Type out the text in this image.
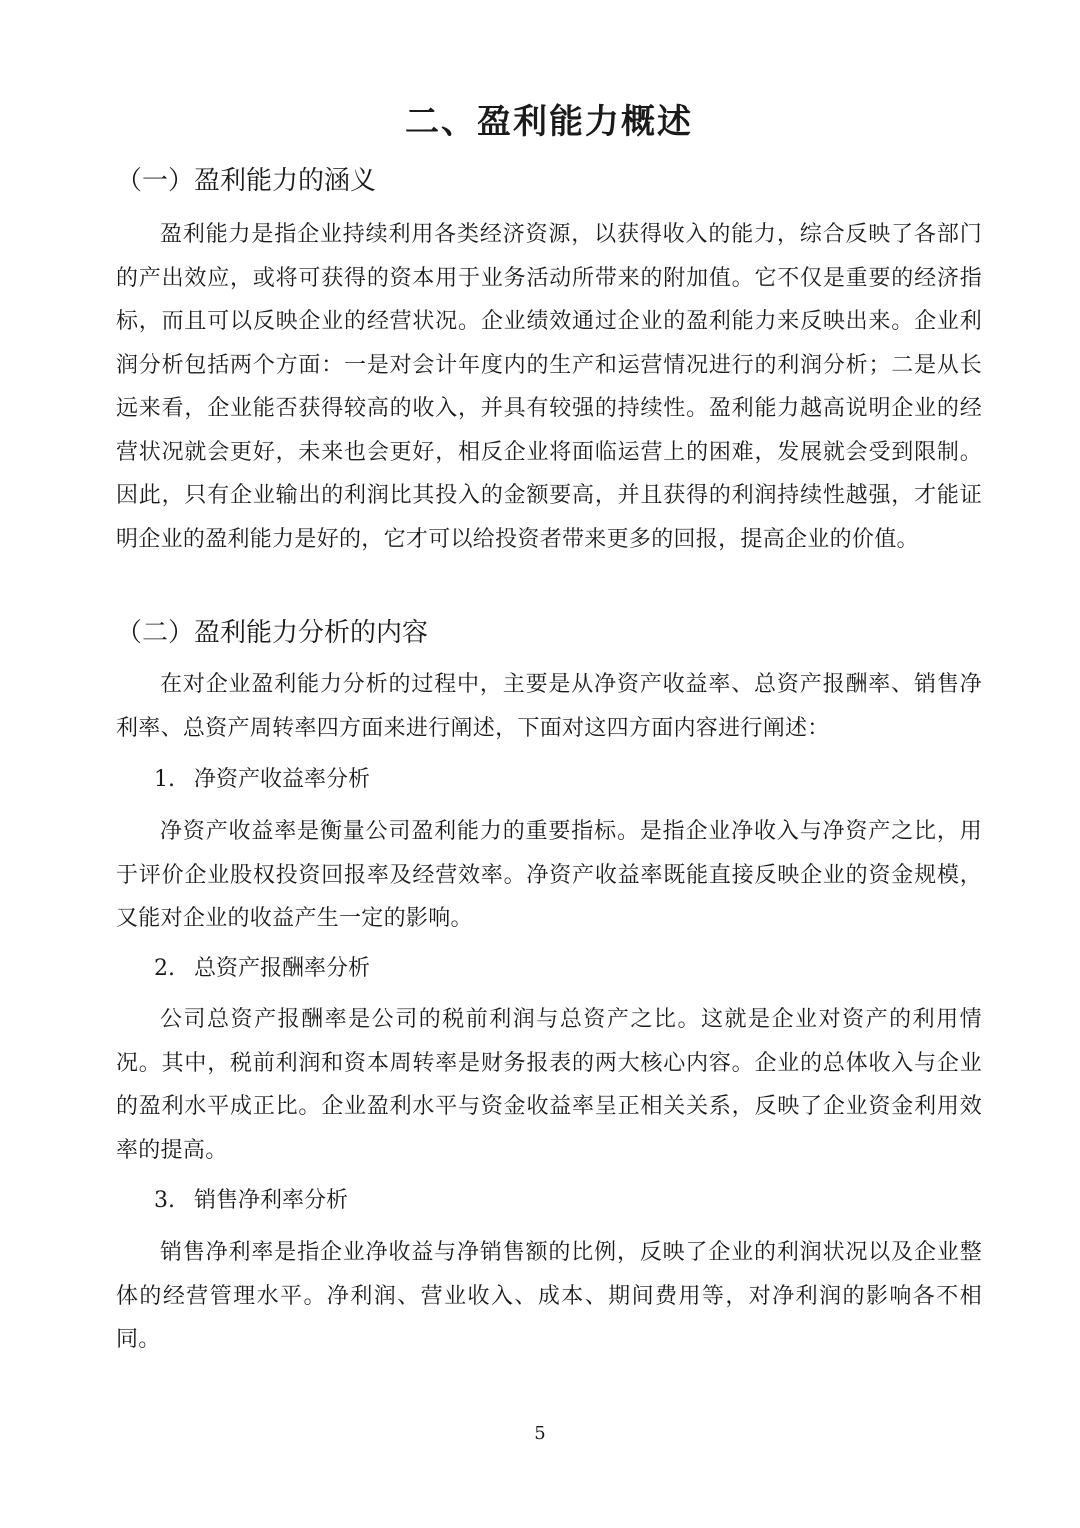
二、盈利能力概述
（一）盈利能力的涵义

盈利能力是指企业持续利用各类经济资源，以获得收入的能力，综合反映了各部门的产出效应，或将可获得的资本用于业务活动所带来的附加值。它不仅是重要的经济指标，而且可以反映企业的经营状况。企业绩效通过企业的盈利能力来反映出来。企业利润分析包括两个方面：一是对会计年度内的生产和运营情况进行的利润分析；二是从长远来看，企业能否获得较高的收入，并具有较强的持续性。盈利能力越高说明企业的经营状况就会更好，未来也会更好，相反企业将面临运营上的困难，发展就会受到限制。因此，只有企业输出的利润比其投入的金额要高，并且获得的利润持续性越强，才能证明企业的盈利能力是好的，它才可以给投资者带来更多的回报，提高企业的价值。

（二）盈利能力分析的内容

在对企业盈利能力分析的过程中，主要是从净资产收益率、总资产报酬率、销售净利率、总资产周转率四方面来进行阐述，下面对这四方面内容进行阐述：

1. 净资产收益率分析

净资产收益率是衡量公司盈利能力的重要指标。是指企业净收入与净资产之比，用于评价企业股权投资回报率及经营效率。净资产收益率既能直接反映企业的资金规模，又能对企业的收益产生一定的影响。

2. 总资产报酬率分析

公司总资产报酬率是公司的税前利润与总资产之比。这就是企业对资产的利用情况。其中，税前利润和资本周转率是财务报表的两大核心内容。企业的总体收入与企业的盈利水平成正比。企业盈利水平与资金收益率呈正相关关系，反映了企业资金利用效率的提高。

3. 销售净利率分析

销售净利率是指企业净收益与净销售额的比例，反映了企业的利润状况以及企业整体的经营管理水平。净利润、营业收入、成本、期间费用等，对净利润的影响各不相同。

5
